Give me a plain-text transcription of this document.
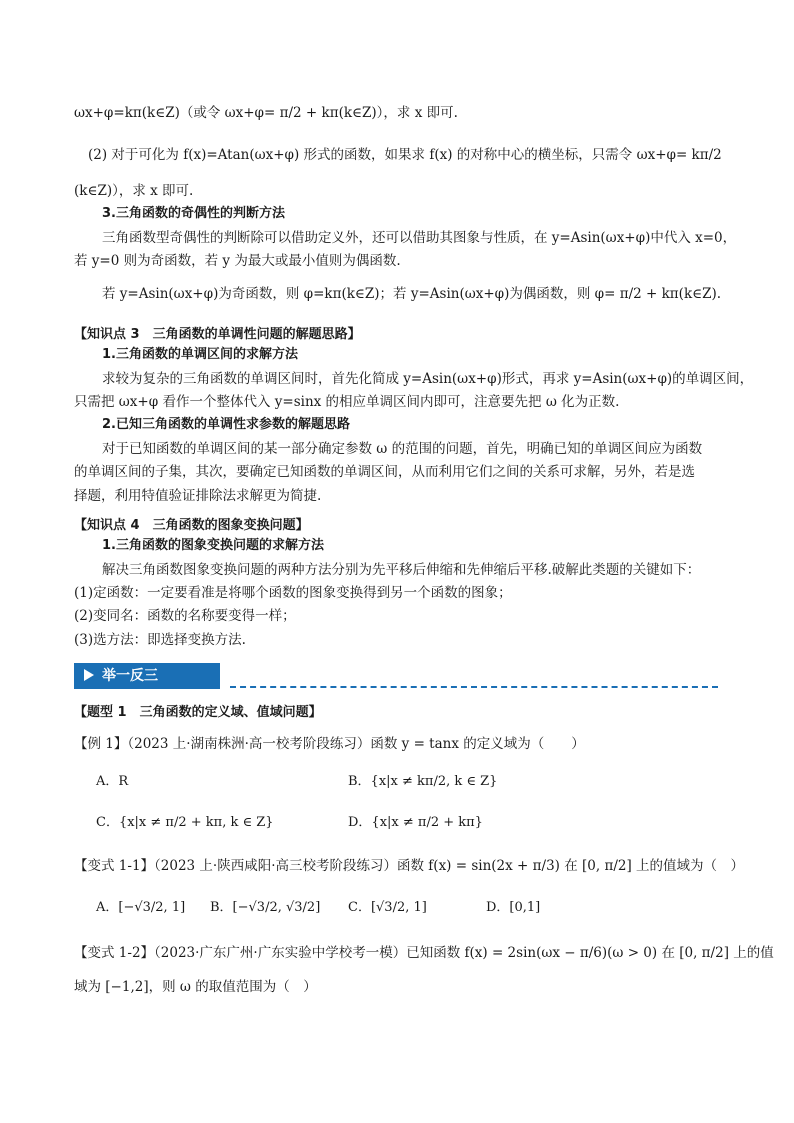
ωx+φ=kπ(k∈Z)（或令 ωx+φ= π/2 + kπ(k∈Z)），求 x 即可.
(2) 对于可化为 f(x)=Atan(ωx+φ) 形式的函数，如果求 f(x) 的对称中心的横坐标，只需令 ωx+φ= kπ/2
(k∈Z)），求 x 即可.
3.三角函数的奇偶性的判断方法
三角函数型奇偶性的判断除可以借助定义外，还可以借助其图象与性质，在 y=Asin(ωx+φ)中代入 x=0，
若 y=0 则为奇函数，若 y 为最大或最小值则为偶函数.
若 y=Asin(ωx+φ)为奇函数，则 φ=kπ(k∈Z)；若 y=Asin(ωx+φ)为偶函数，则 φ= π/2 + kπ(k∈Z).
【知识点 3　三角函数的单调性问题的解题思路】
1.三角函数的单调区间的求解方法
求较为复杂的三角函数的单调区间时，首先化简成 y=Asin(ωx+φ)形式，再求 y=Asin(ωx+φ)的单调区间，
只需把 ωx+φ 看作一个整体代入 y=sinx 的相应单调区间内即可，注意要先把 ω 化为正数.
2.已知三角函数的单调性求参数的解题思路
对于已知函数的单调区间的某一部分确定参数 ω 的范围的问题，首先，明确已知的单调区间应为函数
的单调区间的子集，其次，要确定已知函数的单调区间，从而利用它们之间的关系可求解，另外，若是选
择题，利用特值验证排除法求解更为简捷.
【知识点 4　三角函数的图象变换问题】
1.三角函数的图象变换问题的求解方法
解决三角函数图象变换问题的两种方法分别为先平移后伸缩和先伸缩后平移.破解此类题的关键如下：
(1)定函数：一定要看准是将哪个函数的图象变换得到另一个函数的图象；
(2)变同名：函数的名称要变得一样；
(3)选方法：即选择变换方法.
举一反三
【题型 1　三角函数的定义域、值域问题】
【例 1】（2023 上·湖南株洲·高一校考阶段练习）函数 y = tanx 的定义域为（　　）
A．R	B．{x|x ≠ kπ/2, k ∈ Z}
C．{x|x ≠ π/2 + kπ, k ∈ Z}	D．{x|x ≠ π/2 + kπ}
【变式 1-1】（2023 上·陕西咸阳·高三校考阶段练习）函数 f(x) = sin(2x + π/3) 在 [0, π/2] 上的值域为（　）
A．[−√3/2, 1] B．[−√3/2, √3/2] C．[√3/2, 1]	D．[0,1]
【变式 1-2】（2023·广东广州·广东实验中学校考一模）已知函数 f(x) = 2sin(ωx − π/6)(ω > 0) 在 [0, π/2] 上的值
域为 [−1,2]，则 ω 的取值范围为（　）
